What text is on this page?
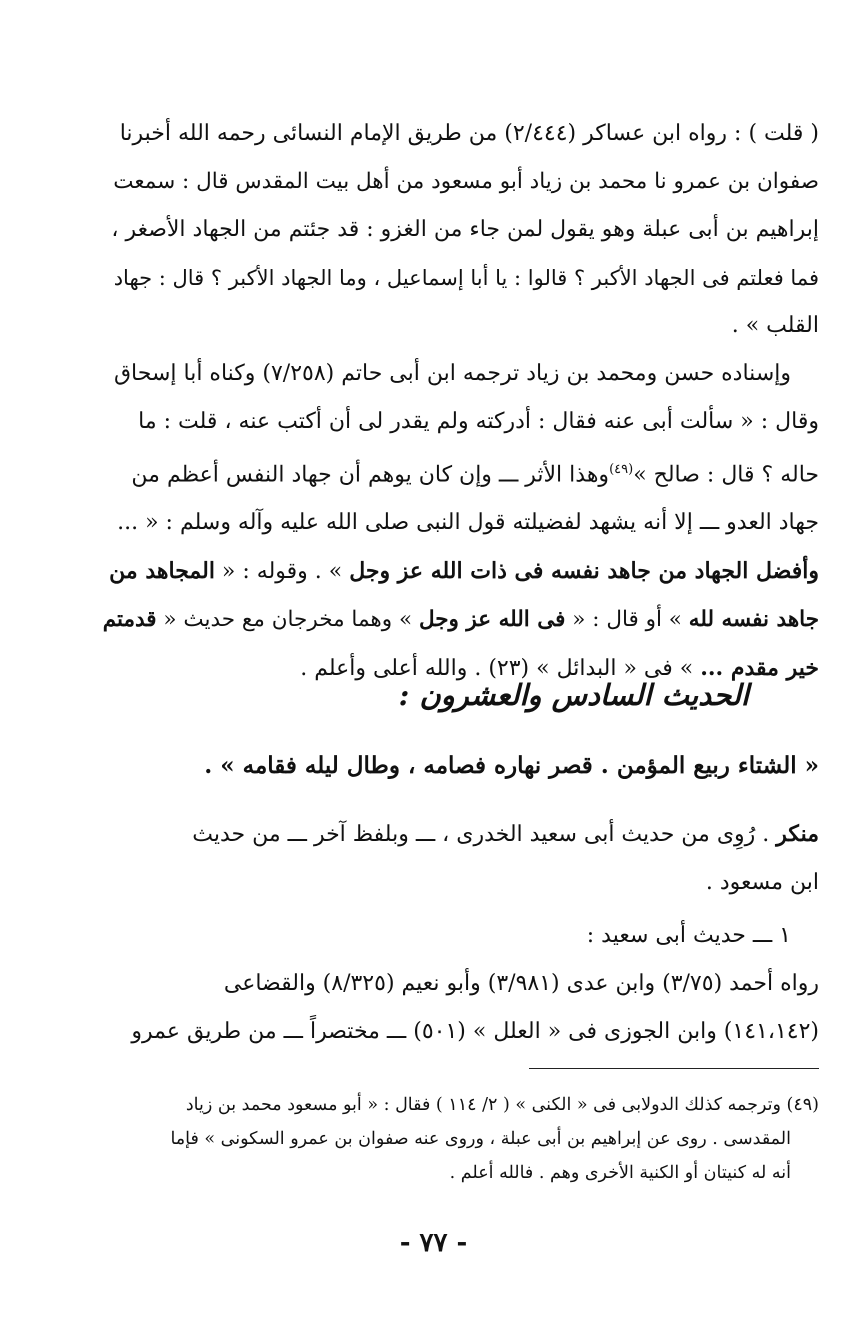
( قلت ) : رواه ابن عساكر (٢/٤٤٤) من طريق الإمام النسائى رحمه الله أخبرنا
صفوان بن عمرو نا محمد بن زياد أبو مسعود من أهل بيت المقدس قال : سمعت
إبراهيم بن أبى عبلة وهو يقول لمن جاء من الغزو : قد جئتم من الجهاد الأصغر ،
فما فعلتم فى الجهاد الأكبر ؟ قالوا : يا أبا إسماعيل ، وما الجهاد الأكبر ؟ قال : جهاد
القلب » .
وإسناده حسن ومحمد بن زياد ترجمه ابن أبى حاتم (٧/٢٥٨) وكناه أبا إسحاق
وقال : « سألت أبى عنه فقال : أدركته ولم يقدر لى أن أكتب عنه ، قلت : ما
حاله ؟ قال : صالح »$^{(٤٩)}$وهذا الأثر ـــ وإن كان يوهم أن جهاد النفس أعظم من
جهاد العدو ـــ إلا أنه يشهد لفضيلته قول النبى صلى الله عليه وآله وسلم : « ...
وأفضل الجهاد من جاهد نفسه فى ذات الله عز وجل » . وقوله : « المجاهد من
جاهد نفسه لله » أو قال : « فى الله عز وجل » وهما مخرجان مع حديث « قدمتم
خير مقدم ... » فى « البدائل » (٢٣) . والله أعلى وأعلم .
الحديث السادس والعشرون :
« الشتاء ربيع المؤمن . قصر نهاره فصامه ، وطال ليله فقامه » .
منكر . رُوِى من حديث أبى سعيد الخدرى ، ـــ وبلفظ آخر ـــ من حديث
ابن مسعود .
١ ـــ حديث أبى سعيد :
رواه أحمد (٣/٧٥) وابن عدى (٣/٩٨١) وأبو نعيم (٨/٣٢٥) والقضاعى
(١٤١،١٤٢) وابن الجوزى فى « العلل » (٥٠١) ـــ مختصراً ـــ من طريق عمرو
(٤٩) وترجمه كذلك الدولابى فى « الكنى » ( ٢/ ١١٤ ) فقال : « أبو مسعود محمد بن زياد
المقدسى . روى عن إبراهيم بن أبى عبلة ، وروى عنه صفوان بن عمرو السكونى » فإما
أنه له كنيتان أو الكنية الأخرى وهم . فالله أعلم .
- ٧٧ -
